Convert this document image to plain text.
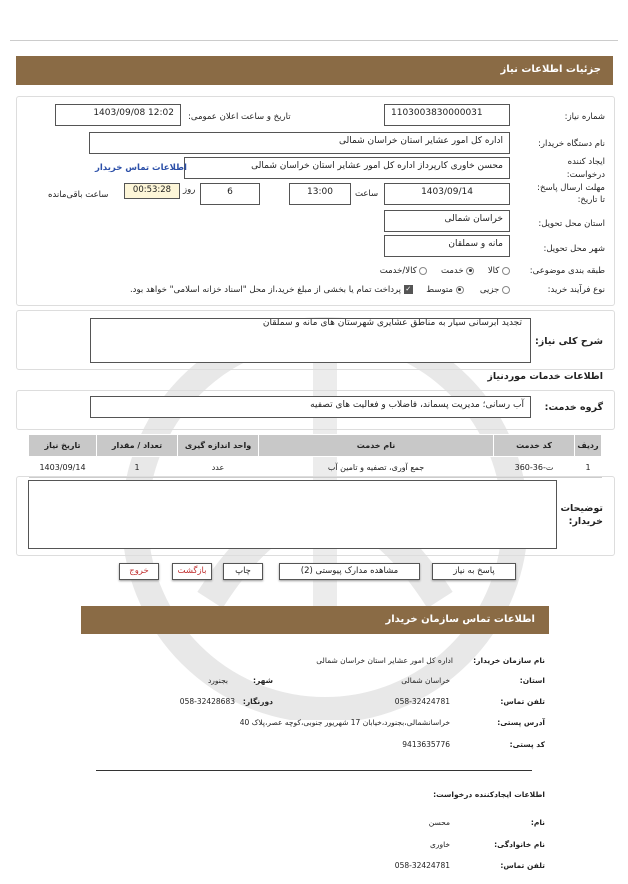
جزئیات اطلاعات نیاز
شماره نیاز:
1103003830000031
تاریخ و ساعت اعلان عمومی:
1403/09/08 12:02
نام دستگاه خریدار:
اداره کل امور عشایر استان خراسان شمالی
ایجاد کننده
درخواست:
محسن خاوری کارپرداز اداره کل امور عشایر استان خراسان شمالی
اطلاعات تماس خریدار
مهلت ارسال پاسخ:
تا تاریخ:
1403/09/14
ساعت
13:00
6
روز
00:53:28
ساعت باقی‌مانده
استان محل تحویل:
خراسان شمالی
شهر محل تحویل:
مانه و سملقان
طبقه بندی موضوعی:
کالا      خدمت      کالا/خدمت
نوع فرآیند خرید:
جزیی       متوسط     ✓ پرداخت تمام یا بخشی از مبلغ خرید،از محل "اسناد خزانه اسلامی" خواهد بود.
شرح کلی نیاز:
تجدید آبرسانی سیار به مناطق عشایری شهرستان های مانه و سملقان
اطلاعات خدمات موردنیاز
گروه خدمت:
آب رسانی؛ مدیریت پسماند، فاضلاب و فعالیت های تصفیه
ردیف	کد خدمت	نام خدمت	واحد اندازه گیری	تعداد / مقدار	تاریخ نیاز
1	ت-36-360	جمع آوری، تصفیه و تامین آب	عدد	1	1403/09/14
توضیحات
خریدار:
پاسخ به نیاز
مشاهده مدارک پیوستی (2)
چاپ
بازگشت
خروج
اطلاعات تماس سازمان خریدار
نام سازمان خریدار:
اداره کل امور عشایر استان خراسان شمالی
استان:
خراسان شمالی
شهر:
بجنورد
تلفن تماس:
058-32424781
دورنگار:
058-32428683
آدرس پستی:
خراسانشمالی،بجنورد،خیابان 17 شهریور جنوبی،کوچه عصر،پلاک 40
کد پستی:
9413635776
اطلاعات ایجادکننده درخواست:
نام:
محسن
نام خانوادگی:
خاوری
تلفن تماس:
058-32424781
